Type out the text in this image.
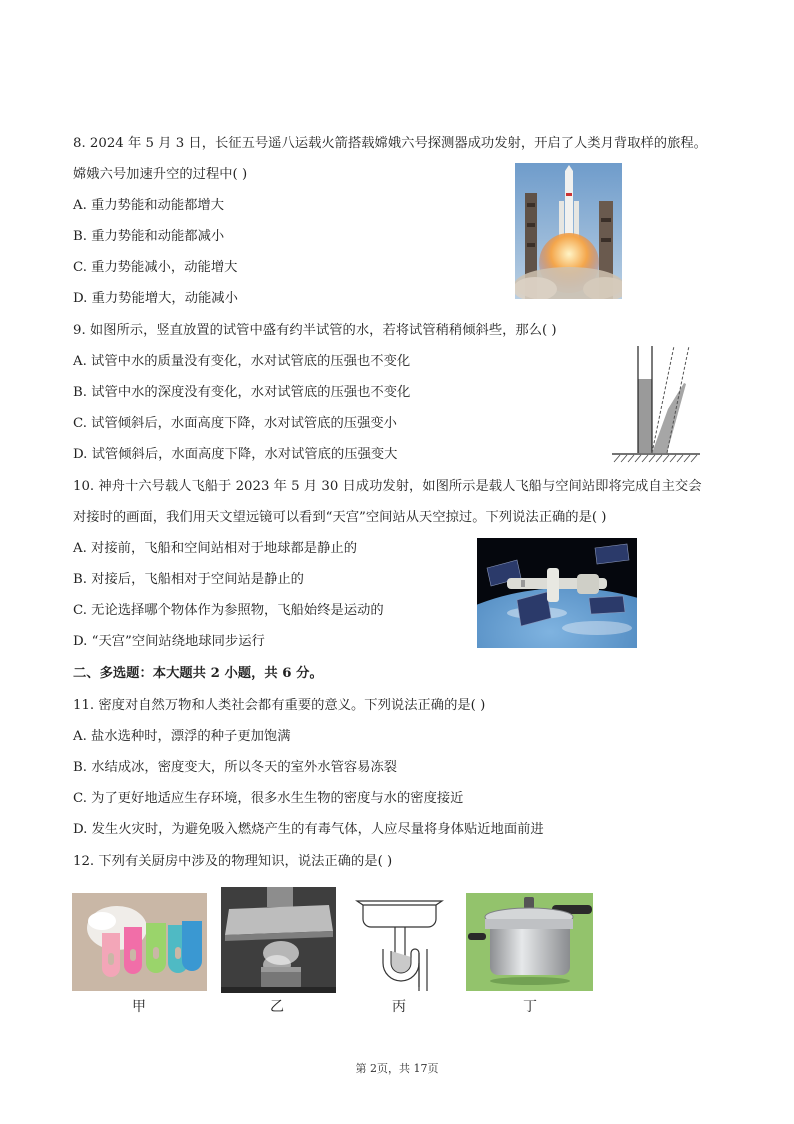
8. 2024 年 5 月 3 日，长征五号遥八运载火箭搭载嫦娥六号探测器成功发射，开启了人类月背取样的旅程。
嫦娥六号加速升空的过程中( )
A. 重力势能和动能都增大
B. 重力势能和动能都减小
C. 重力势能减小，动能增大
D. 重力势能增大，动能减小
9. 如图所示，竖直放置的试管中盛有约半试管的水，若将试管稍稍倾斜些，那么( )
A. 试管中水的质量没有变化，水对试管底的压强也不变化
B. 试管中水的深度没有变化，水对试管底的压强也不变化
C. 试管倾斜后，水面高度下降，水对试管底的压强变小
D. 试管倾斜后，水面高度下降，水对试管底的压强变大
10. 神舟十六号载人飞船于 2023 年 5 月 30 日成功发射，如图所示是载人飞船与空间站即将完成自主交会
对接时的画面，我们用天文望远镜可以看到“天宫”空间站从天空掠过。下列说法正确的是( )
A. 对接前，飞船和空间站相对于地球都是静止的
B. 对接后，飞船相对于空间站是静止的
C. 无论选择哪个物体作为参照物，飞船始终是运动的
D. “天宫”空间站绕地球同步运行
二、多选题：本大题共 2 小题，共 6 分。
11. 密度对自然万物和人类社会都有重要的意义。下列说法正确的是( )
A. 盐水选种时，漂浮的种子更加饱满
B. 水结成冰，密度变大，所以冬天的室外水管容易冻裂
C. 为了更好地适应生存环境，很多水生生物的密度与水的密度接近
D. 发生火灾时，为避免吸入燃烧产生的有毒气体，人应尽量将身体贴近地面前进
12. 下列有关厨房中涉及的物理知识，说法正确的是( )
甲	乙	丙	丁
第 2页，共 17页
